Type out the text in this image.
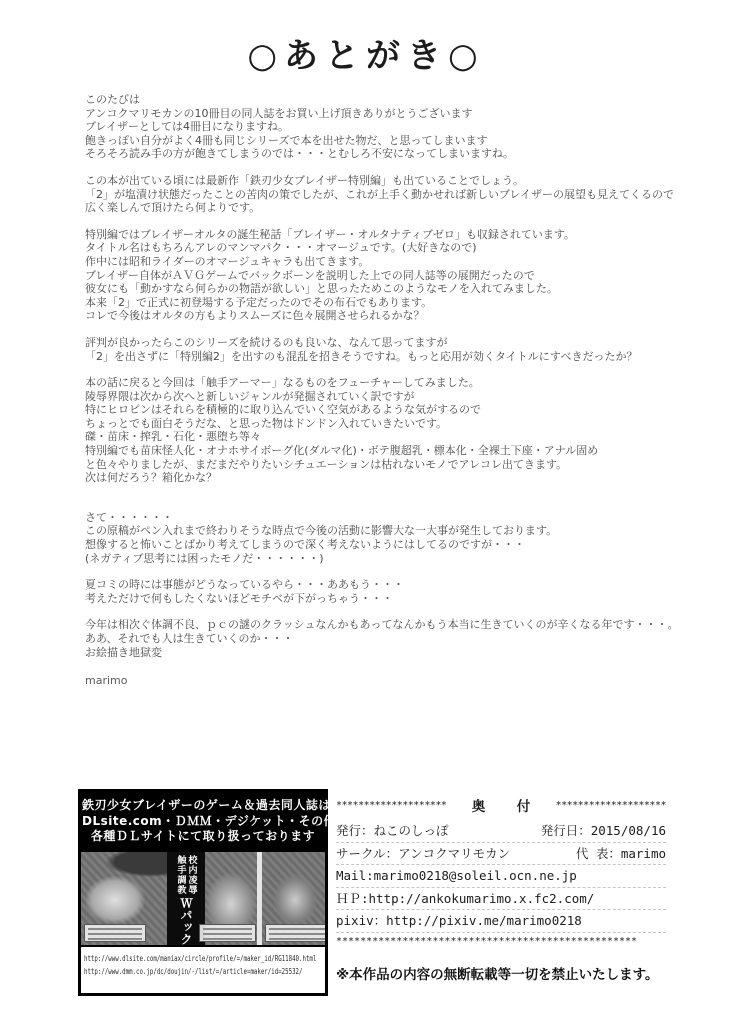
○あとがき○
このたびは
アンコクマリモカンの10冊目の同人誌をお買い上げ頂きありがとうございます
ブレイザーとしては4冊目になりますね。
飽きっぽい自分がよく4冊も同じシリーズで本を出せた物だ、と思ってしまいます
そろそろ読み手の方が飽きてしまうのでは・・・とむしろ不安になってしまいますね。
この本が出ている頃には最新作「鉄刃少女ブレイザー特別編」も出ていることでしょう。
「2」が塩漬け状態だったことの苦肉の策でしたが、これが上手く動かせれば新しいブレイザーの展望も見えてくるので
広く楽しんで頂けたら何よりです。
特別編ではブレイザーオルタの誕生秘話「ブレイザー・オルタナティブゼロ」も収録されています。
タイトル名はもちろんアレのマンマパク・・・オマージュです。(大好きなので)
作中には昭和ライダーのオマージュキャラも出てきます。
ブレイザー自体がＡＶＧゲームでバックボーンを説明した上での同人誌等の展開だったので
彼女にも「動かすなら何らかの物語が欲しい」と思ったためこのようなモノを入れてみました。
本来「2」で正式に初登場する予定だったのでその布石でもあります。
コレで今後はオルタの方もよりスムーズに色々展開させられるかな？
評判が良かったらこのシリーズを続けるのも良いな、なんて思ってますが
「2」を出さずに「特別編2」を出すのも混乱を招きそうですね。もっと応用が効くタイトルにすべきだったか？
本の話に戻ると今回は「触手アーマー」なるものをフューチャーしてみました。
陵辱界隈は次から次へと新しいジャンルが発掘されていく訳ですが
特にヒロピンはそれらを積極的に取り込んでいく空気があるような気がするので
ちょっとでも面白そうだな、と思った物はドンドン入れていきたいです。
磔・苗床・搾乳・石化・悪堕ち等々
特別編でも苗床怪人化・オナホサイボーグ化(ダルマ化)・ボテ腹超乳・標本化・全裸土下座・アナル固め
と色々やりましたが、まだまだやりたいシチュエーションは枯れないモノでアレコレ出てきます。
次は何だろう？箱化かな？
さて・・・・・・
この原稿がペン入れまで終わりそうな時点で今後の活動に影響大な一大事が発生しております。
想像すると怖いことばかり考えてしまうので深く考えないようにはしてるのですが・・・
(ネガティブ思考には困ったモノだ・・・・・・)
夏コミの時には事態がどうなっているやら・・・ああもう・・・
考えただけで何もしたくないほどモチベが下がっちゃう・・・
今年は相次ぐ体調不良、ｐｃの謎のクラッシュなんかもあってなんかもう本当に生きていくのが辛くなる年です・・・。
ああ、それでも人は生きていくのか・・・
お絵描き地獄変
marimo
鉄刃少女ブレイザーのゲーム＆過去同人誌は
DLsite.com・ＤＭＭ・デジケット・その他
各種ＤＬサイトにて取り扱っております
触手調教 校内凌辱
Ｗパック
http://www.dlsite.com/maniax/circle/profile/=/maker_id/RG11840.html
http://www.dmm.co.jp/dc/doujin/-/list/=/article=maker/id=25532/
********************	奥　付 ********************
発行： ねこのしっぽ	発行日： 2015/08/16
サークル： アンコクマリモカン	代 表： marimo
Mail: marimo0218@soleil.ocn.ne.jp
ＨＰ: http://ankokumarimo.x.fc2.com/
pixiv： http://pixiv.me/marimo0218
**************************************************
※本作品の内容の無断転載等一切を禁止いたします。
